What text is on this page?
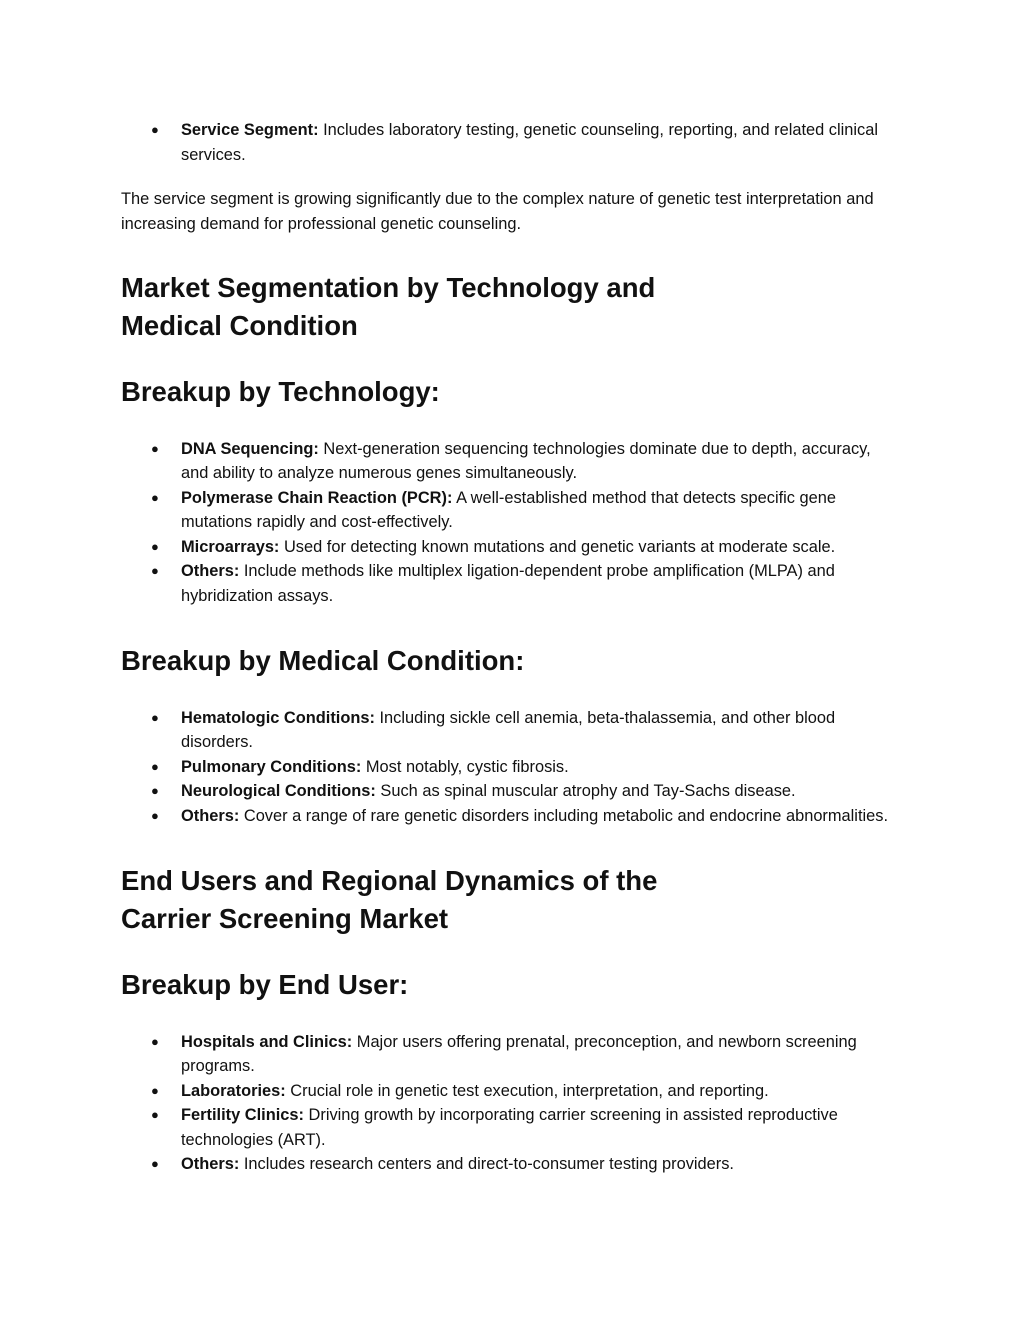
● Service Segment: Includes laboratory testing, genetic counseling, reporting, and related clinical services.

The service segment is growing significantly due to the complex nature of genetic test interpretation and increasing demand for professional genetic counseling.

Market Segmentation by Technology and Medical Condition
Breakup by Technology:
● DNA Sequencing: Next-generation sequencing technologies dominate due to depth, accuracy, and ability to analyze numerous genes simultaneously.
● Polymerase Chain Reaction (PCR): A well-established method that detects specific gene mutations rapidly and cost-effectively.
● Microarrays: Used for detecting known mutations and genetic variants at moderate scale.
● Others: Include methods like multiplex ligation-dependent probe amplification (MLPA) and hybridization assays.
Breakup by Medical Condition:
● Hematologic Conditions: Including sickle cell anemia, beta-thalassemia, and other blood disorders.
● Pulmonary Conditions: Most notably, cystic fibrosis.
● Neurological Conditions: Such as spinal muscular atrophy and Tay-Sachs disease.
● Others: Cover a range of rare genetic disorders including metabolic and endocrine abnormalities.
End Users and Regional Dynamics of the Carrier Screening Market
Breakup by End User:
● Hospitals and Clinics: Major users offering prenatal, preconception, and newborn screening programs.
● Laboratories: Crucial role in genetic test execution, interpretation, and reporting.
● Fertility Clinics: Driving growth by incorporating carrier screening in assisted reproductive technologies (ART).
● Others: Includes research centers and direct-to-consumer testing providers.
